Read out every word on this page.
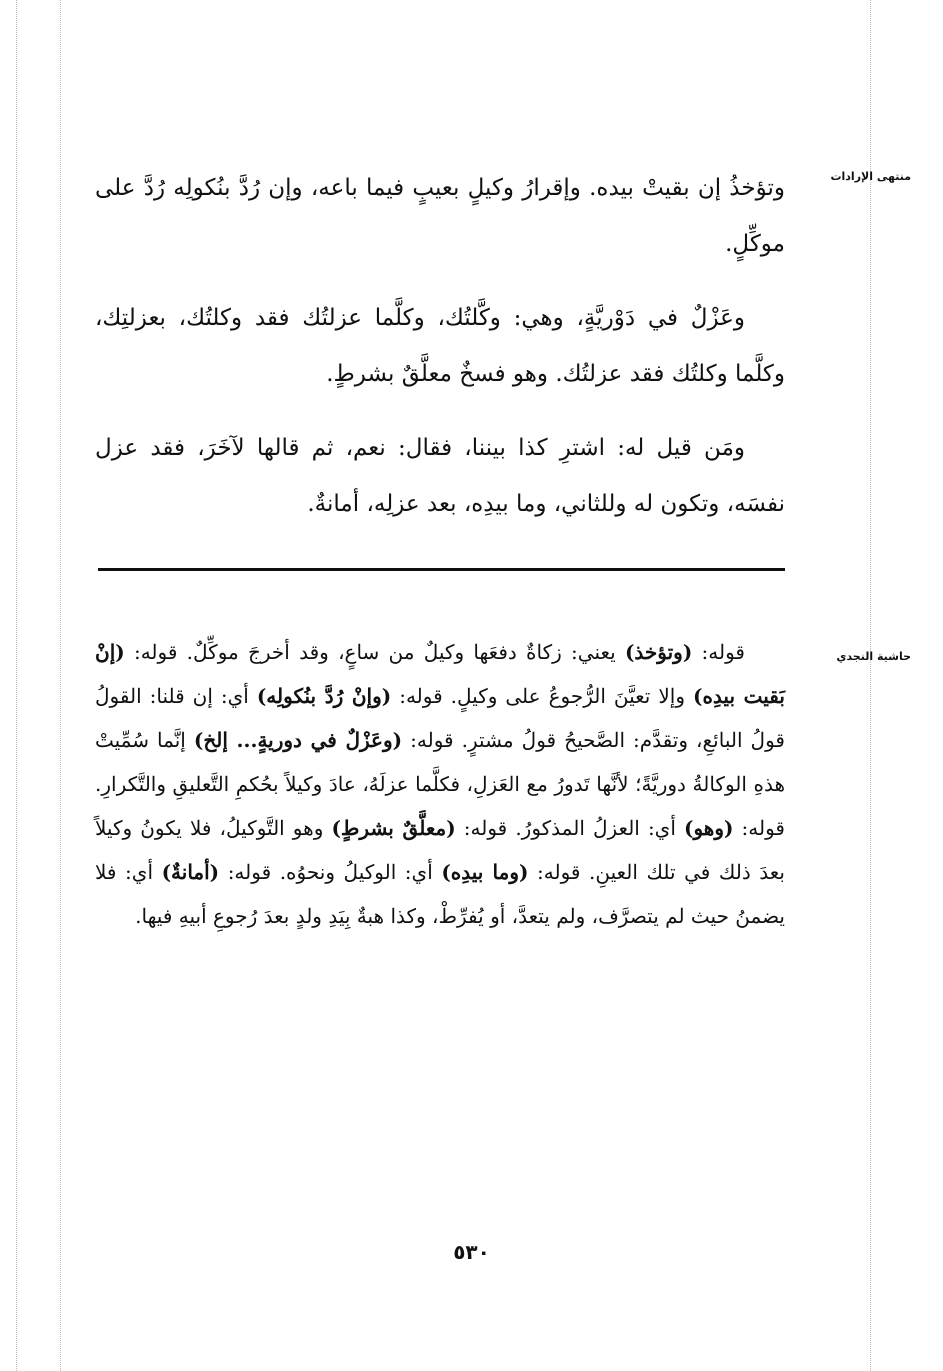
منتهى الإرادات
حاشية النجدي

وتؤخذُ إن بقيتْ بيده. وإقرارُ وكيلٍ بعيبٍ فيما باعه، وإن رُدَّ بنُكولِه رُدَّ على موكِّلٍ.

وعَزْلٌ في دَوْريَّةٍ، وهي: وكَّلتُك، وكلَّما عزلتُك فقد وكلتُك، بعزلتِك، وكلَّما وكلتُك فقد عزلتُك. وهو فسخٌ معلَّقٌ بشرطٍ.

ومَن قيل له: اشترِ كذا بيننا، فقال: نعم، ثم قالها لآخَرَ، فقد عزل نفسَه، وتكون له وللثاني، وما بيدِه، بعد عزلِه، أمانةٌ.

قوله: (وتؤخذ) يعني: زكاةٌ دفعَها وكيلٌ من ساعٍ، وقد أخرجَ موكِّلٌ. قوله: (إنْ بَقيت بيدِه) وإلا تعيَّنَ الرُّجوعُ على وكيلٍ. قوله: (وإنْ رُدَّ بنُكولِه) أي: إن قلنا: القولُ قولُ البائعِ، وتقدَّم: الصَّحيحُ قولُ مشترٍ. قوله: (وعَزْلٌ في دوريةٍ... إلخ) إنَّما سُمِّيتْ هذهِ الوكالةُ دوريَّةً؛ لأنَّها تَدورُ مع العَزلِ، فكلَّما عزلَهُ، عادَ وكيلاً بحُكمِ التَّعليقِ والتَّكرارِ. قوله: (وهو) أي: العزلُ المذكورُ. قوله: (معلَّقٌ بشرطٍ) وهو التَّوكيلُ، فلا يكونُ وكيلاً بعدَ ذلك في تلك العينِ. قوله: (وما بيدِه) أي: الوكيلُ ونحوُه. قوله: (أمانةٌ) أي: فلا يضمنُ حيث لم يتصرَّف، ولم يتعدَّ، أو يُفرِّطْ، وكذا هبةٌ بِيَدِ ولدٍ بعدَ رُجوعِ أبيهِ فيها.

٥٣٠
